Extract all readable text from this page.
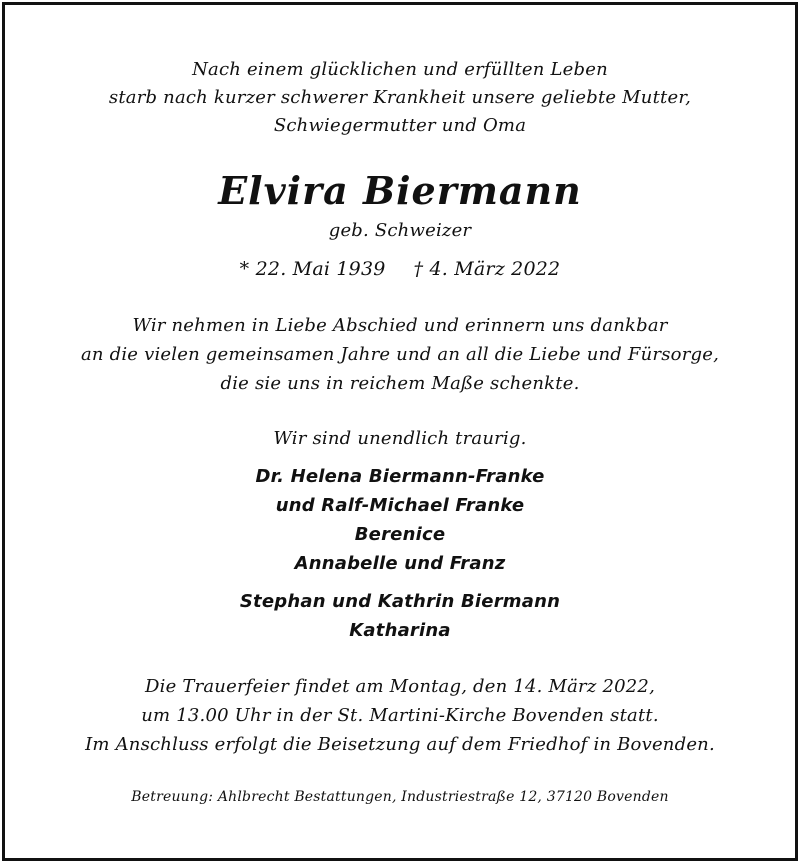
Nach einem glücklichen und erfüllten Leben
starb nach kurzer schwerer Krankheit unsere geliebte Mutter,
Schwiegermutter und Oma
Elvira Biermann
geb. Schweizer
* 22. Mai 1939 † 4. März 2022
Wir nehmen in Liebe Abschied und erinnern uns dankbar
an die vielen gemeinsamen Jahre und an all die Liebe und Fürsorge,
die sie uns in reichem Maße schenkte.
Wir sind unendlich traurig.
Dr. Helena Biermann-Franke
und Ralf-Michael Franke
Berenice
Annabelle und Franz
Stephan und Kathrin Biermann
Katharina
Die Trauerfeier findet am Montag, den 14. März 2022,
um 13.00 Uhr in der St. Martini-Kirche Bovenden statt.
Im Anschluss erfolgt die Beisetzung auf dem Friedhof in Bovenden.
Betreuung: Ahlbrecht Bestattungen, Industriestraße 12, 37120 Bovenden
